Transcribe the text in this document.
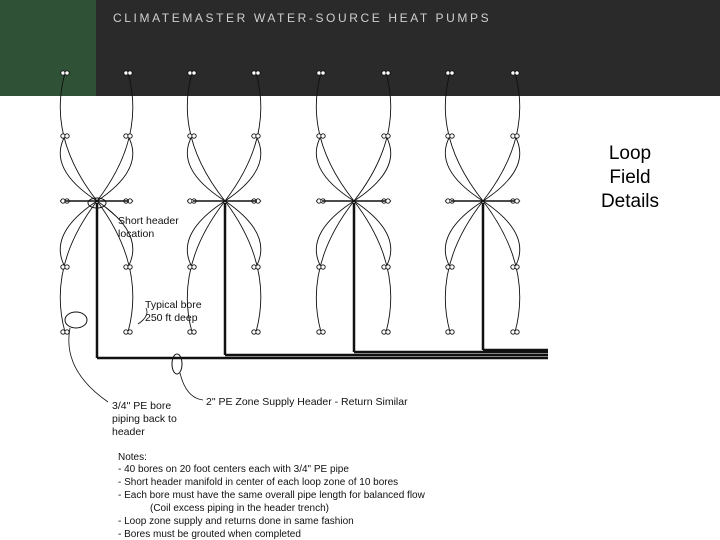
CLIMATEMASTER WATER-SOURCE HEAT PUMPS
Loop
Field
Details
Short header
location
Typical bore
250 ft deep
3/4" PE bore
piping back to
header
2" PE Zone Supply Header - Return Similar
Notes:
- 40 bores on 20 foot centers each with 3/4" PE pipe
- Short header manifold in center of each loop zone of 10 bores
- Each bore must have the same overall pipe length for balanced flow
(Coil excess piping in the header trench)
- Loop zone supply and returns done in same fashion
- Bores must be grouted when completed
